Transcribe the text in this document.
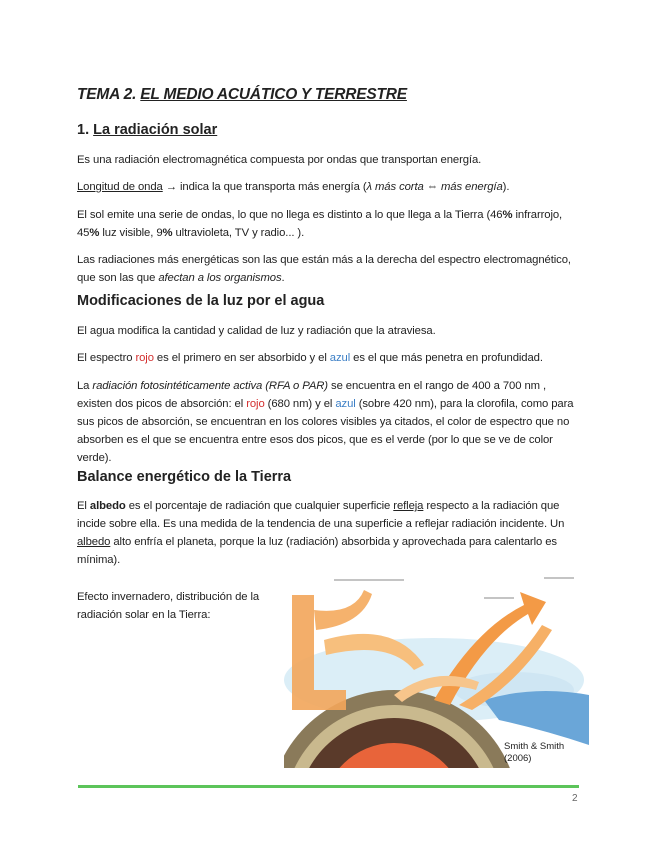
TEMA 2. EL MEDIO ACUÁTICO Y TERRESTRE
1. La radiación solar

Es una radiación electromagnética compuesta por ondas que transportan energía.

Longitud de onda → indica la que transporta más energía (λ más corta ⇔ más energía).

El sol emite una serie de ondas, lo que no llega es distinto a lo que llega a la Tierra (46% infrarrojo, 45% luz visible, 9% ultravioleta, TV y radio... ).

Las radiaciones más energéticas son las que están más a la derecha del espectro electromagnético, que son las que afectan a los organismos.

Modificaciones de la luz por el agua

El agua modifica la cantidad y calidad de luz y radiación que la atraviesa.

El espectro rojo es el primero en ser absorbido y el azul es el que más penetra en profundidad.

La radiación fotosintéticamente activa (RFA o PAR) se encuentra en el rango de 400 a 700 nm , existen dos picos de absorción: el rojo (680 nm) y el azul (sobre 420 nm), para la clorofila, como para sus picos de absorción, se encuentran en los colores visibles ya citados, el color de espectro que no absorben es el que se encuentra entre esos dos picos, que es el verde (por lo que se ve de color verde).

Balance energético de la Tierra

El albedo es el porcentaje de radiación que cualquier superficie refleja respecto a la radiación que incide sobre ella. Es una medida de la tendencia de una superficie a reflejar radiación incidente. Un albedo alto enfría el planeta, porque la luz (radiación) absorbida y aprovechada para calentarlo es mínima).

Efecto invernadero, distribución de la radiación solar en la Tierra:

Smith & Smith (2006)
2
